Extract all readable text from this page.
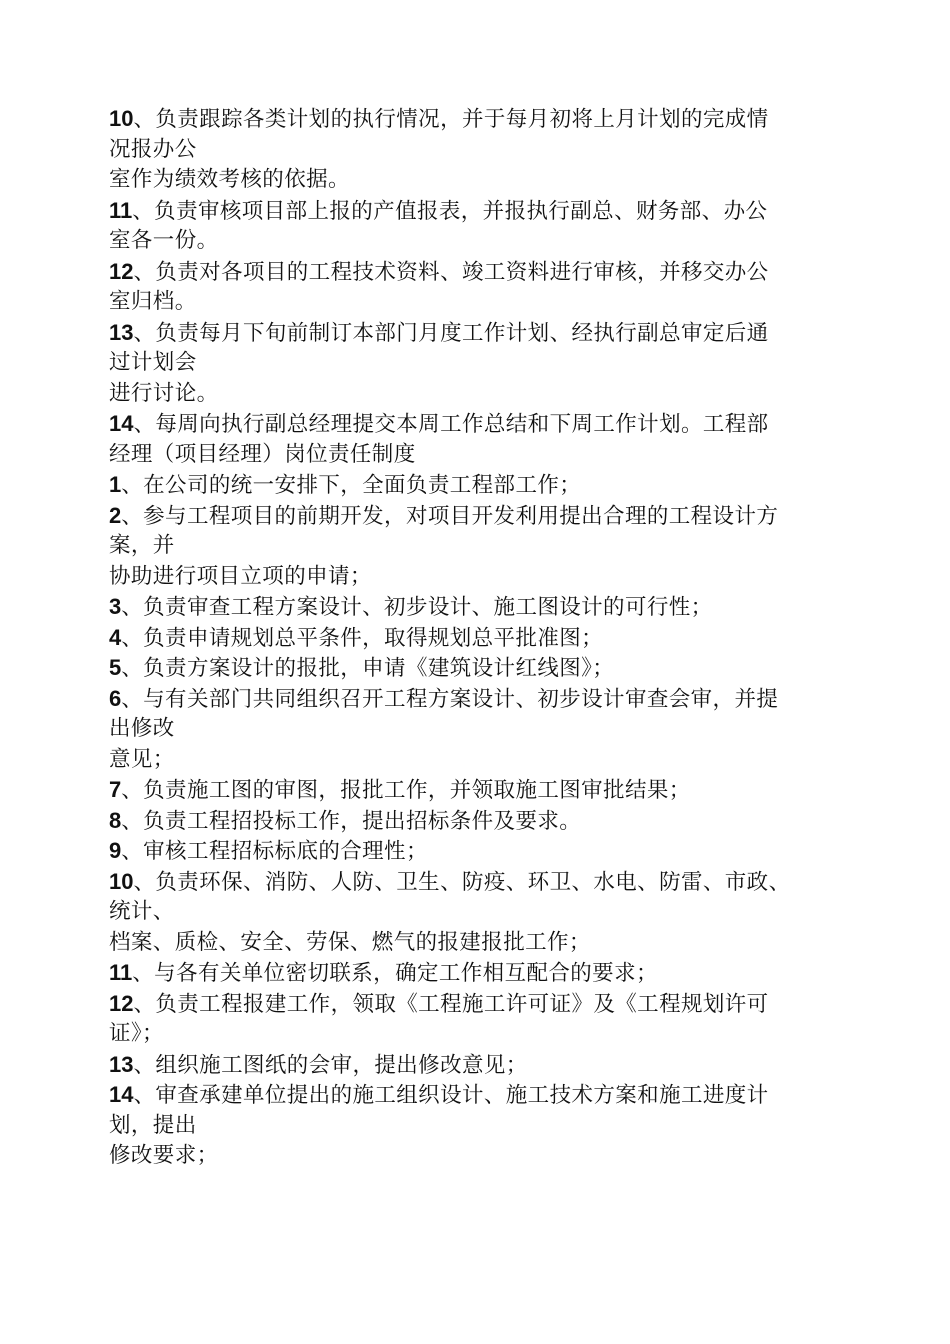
10、负责跟踪各类计划的执行情况，并于每月初将上月计划的完成情
况报办公
室作为绩效考核的依据。
11、负责审核项目部上报的产值报表，并报执行副总、财务部、办公
室各一份。
12、负责对各项目的工程技术资料、竣工资料进行审核，并移交办公
室归档。
13、负责每月下旬前制订本部门月度工作计划、经执行副总审定后通
过计划会
进行讨论。
14、每周向执行副总经理提交本周工作总结和下周工作计划。工程部
经理（项目经理）岗位责任制度
1、在公司的统一安排下，全面负责工程部工作；
2、参与工程项目的前期开发，对项目开发利用提出合理的工程设计方
案，并
协助进行项目立项的申请；
3、负责审查工程方案设计、初步设计、施工图设计的可行性；
4、负责申请规划总平条件，取得规划总平批准图；
5、负责方案设计的报批，申请《建筑设计红线图》；
6、与有关部门共同组织召开工程方案设计、初步设计审查会审，并提
出修改
意见；
7、负责施工图的审图，报批工作，并领取施工图审批结果；
8、负责工程招投标工作，提出招标条件及要求。
9、审核工程招标标底的合理性；
10、负责环保、消防、人防、卫生、防疫、环卫、水电、防雷、市政、
统计、
档案、质检、安全、劳保、燃气的报建报批工作；
11、与各有关单位密切联系，确定工作相互配合的要求；
12、负责工程报建工作，领取《工程施工许可证》及《工程规划许可
证》；
13、组织施工图纸的会审，提出修改意见；
14、审查承建单位提出的施工组织设计、施工技术方案和施工进度计
划，提出
修改要求；
